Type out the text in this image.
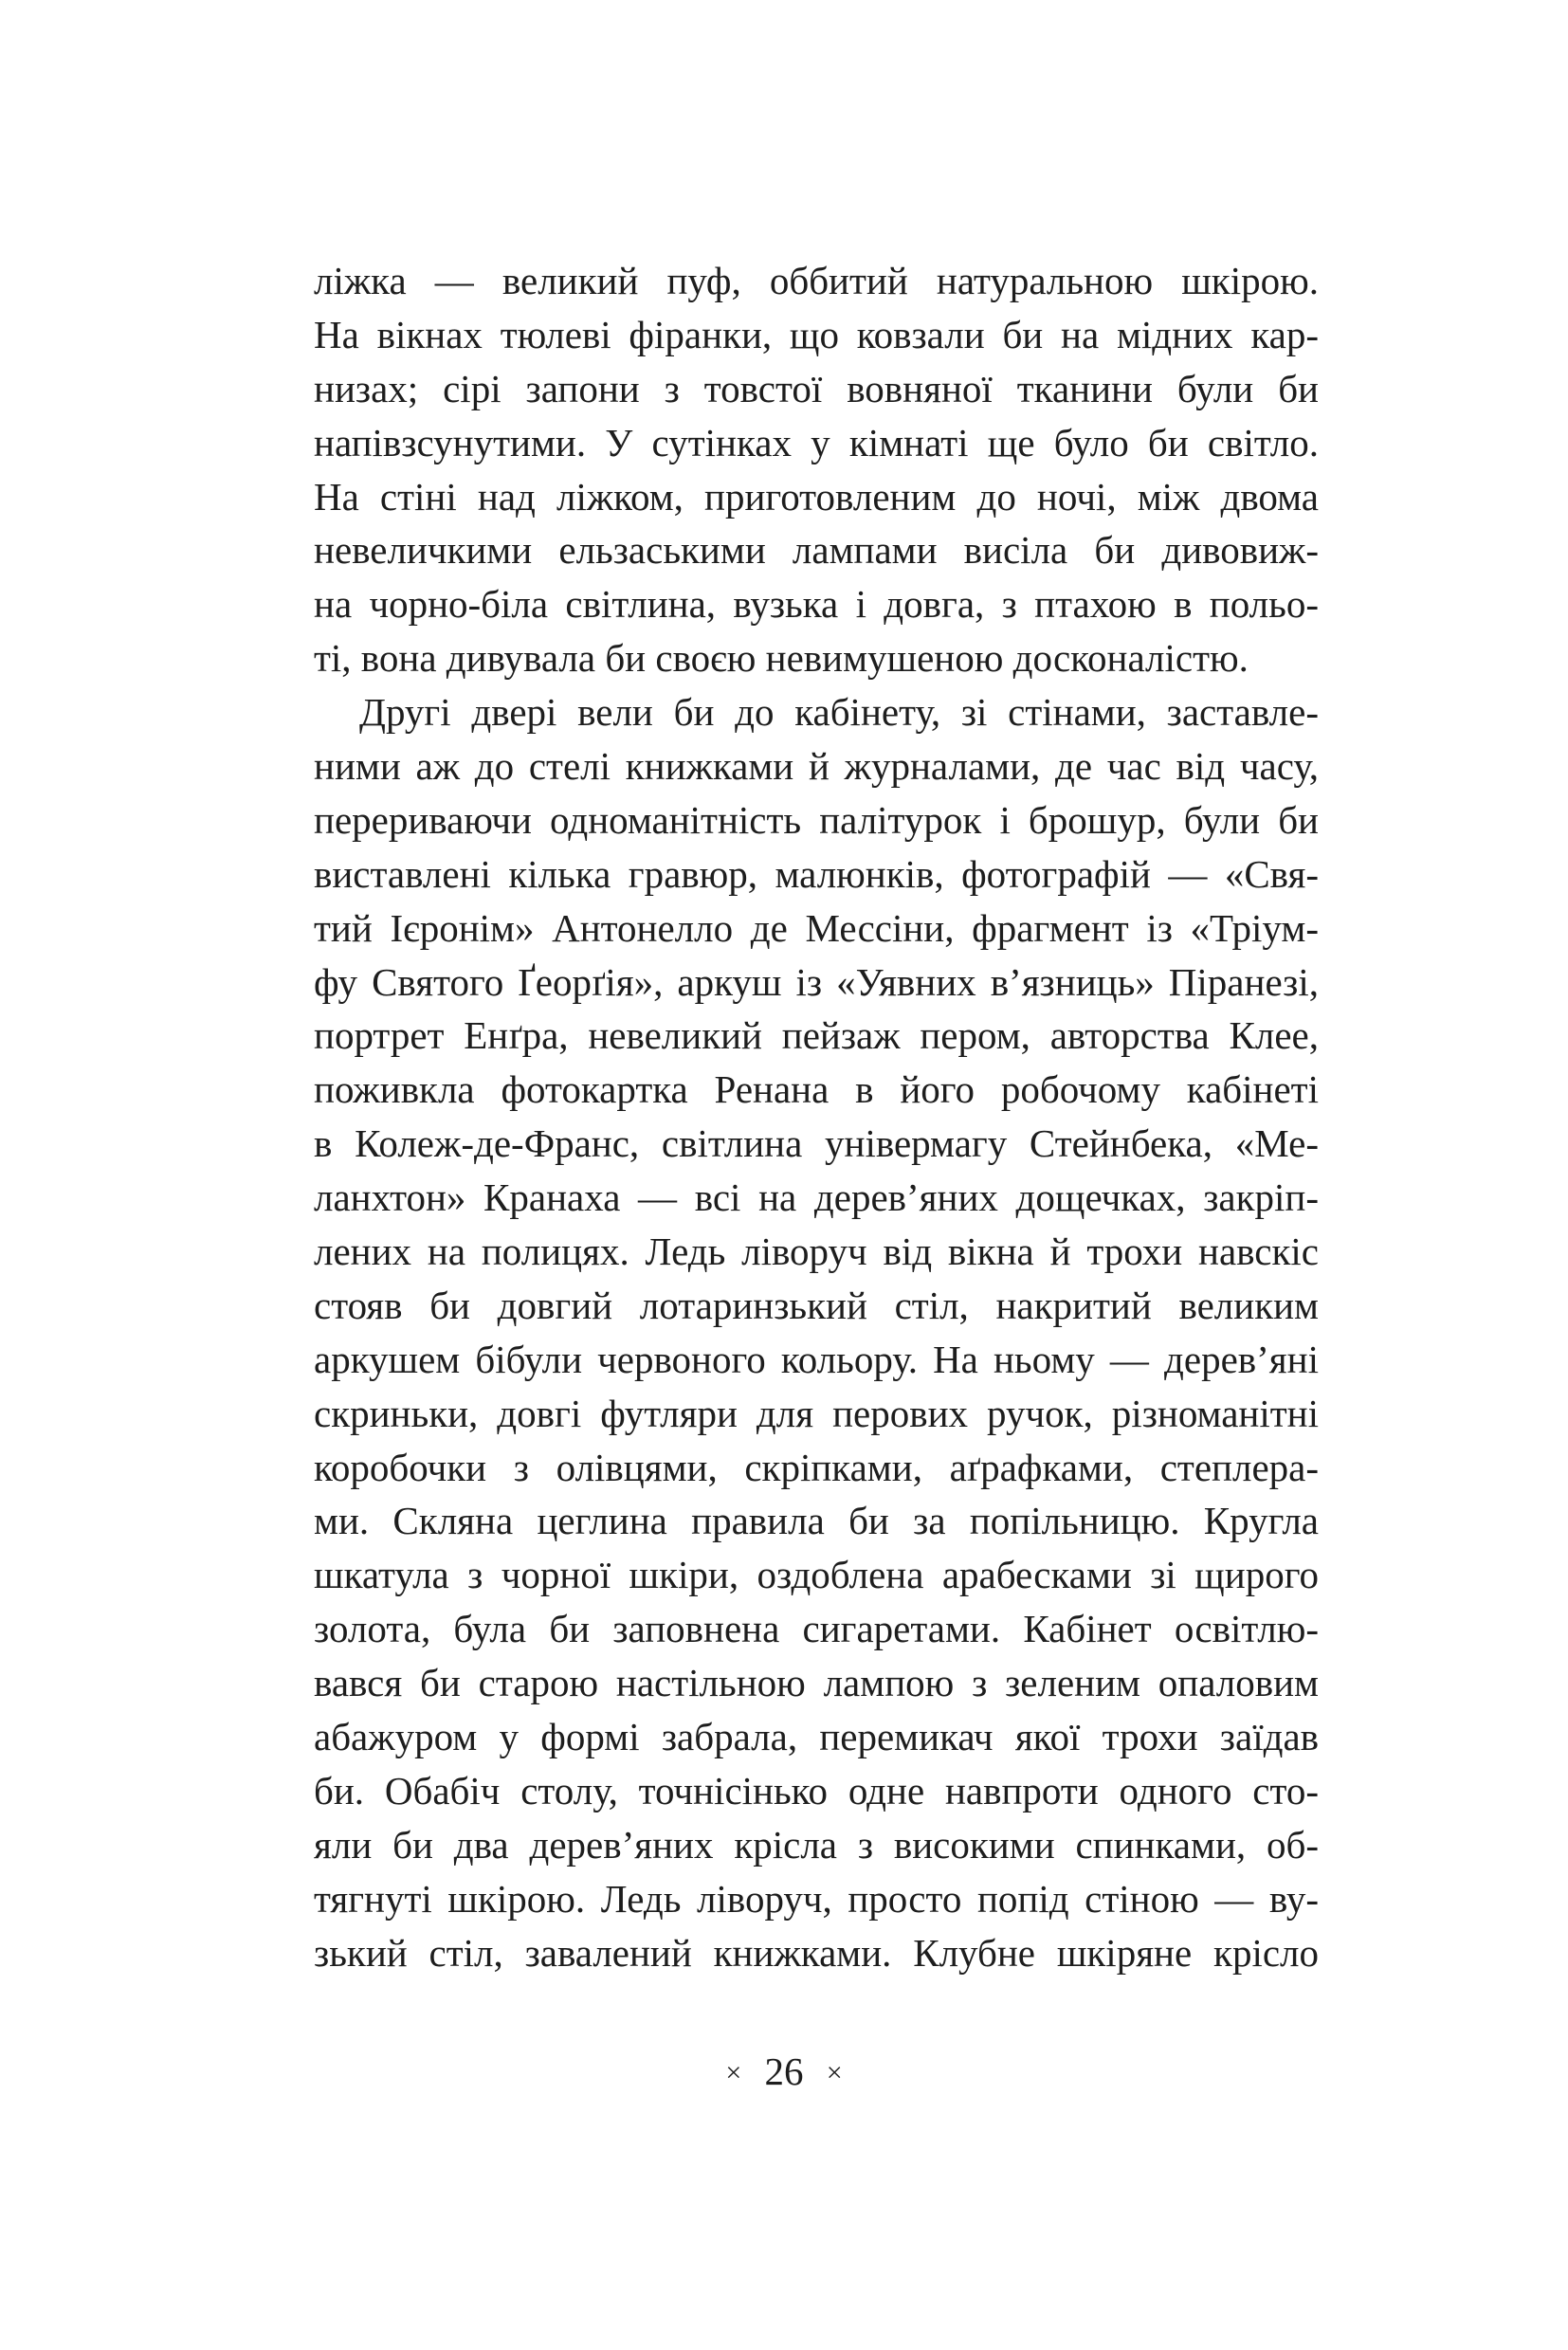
ліжка — великий пуф, оббитий натуральною шкірою.
На вікнах тюлеві фіранки, що ковзали би на мідних кар-
низах; сірі запони з товстої вовняної тканини були би
напівзсунутими. У сутінках у кімнаті ще було би світло.
На стіні над ліжком, приготовленим до ночі, між двома
невеличкими ельзаськими лампами висіла би дивовиж-
на чорно-біла світлина, вузька і довга, з птахою в польо-
ті, вона дивувала би своєю невимушеною досконалістю.
Другі двері вели би до кабінету, зі стінами, заставле-
ними аж до стелі книжками й журналами, де час від часу,
перериваючи одноманітність палітурок і брошур, були би
виставлені кілька гравюр, малюнків, фотографій — «Свя-
тий Ієронім» Антонелло де Мессіни, фрагмент із «Тріум-
фу Святого Ґеорґія», аркуш із «Уявних в’язниць» Піранезі,
портрет Енґра, невеликий пейзаж пером, авторства Клее,
поживкла фотокартка Ренана в його робочому кабінеті
в Колеж-де-Франс, світлина універмагу Стейнбека, «Ме-
ланхтон» Кранаха — всі на дерев’яних дощечках, закріп-
лених на полицях. Ледь ліворуч від вікна й трохи навскіс
стояв би довгий лотаринзький стіл, накритий великим
аркушем бібули червоного кольору. На ньому — дерев’яні
скриньки, довгі футляри для перових ручок, різноманітні
коробочки з олівцями, скріпками, аґрафками, степлера-
ми. Скляна цеглина правила би за попільницю. Кругла
шкатула з чорної шкіри, оздоблена арабесками зі щирого
золота, була би заповнена сигаретами. Кабінет освітлю-
вався би старою настільною лампою з зеленим опаловим
абажуром у формі забрала, перемикач якої трохи заїдав
би. Обабіч столу, точнісінько одне навпроти одного сто-
яли би два дерев’яних крісла з високими спинками, об-
тягнуті шкірою. Ледь ліворуч, просто попід стіною — ву-
зький стіл, завалений книжками. Клубне шкіряне крісло
× 26 ×
